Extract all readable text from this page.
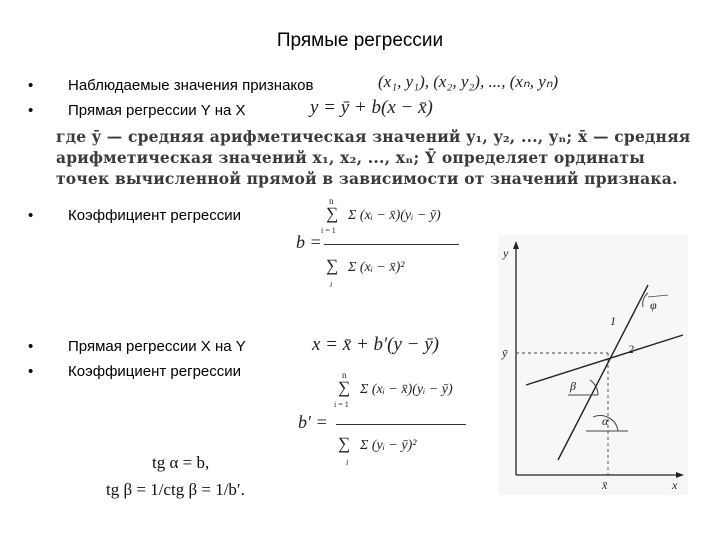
Прямые регрессии
•	Наблюдаемые значения признаков	(x₁, y₁), (x₂, y₂), ..., (xₙ, yₙ)
•	Прямая регрессии Y на X	y = ȳ + b(x − x̄)
где ȳ — средняя арифметическая значений y₁, y₂, ..., yₙ; x̄ — средняя
арифметическая значений x₁, x₂, ..., xₙ; Ȳ определяет ординаты
точек вычисленной прямой в зависимости от значений признака.
•	Коэффициент регрессии
n
∑ Σ (xᵢ − x̄)(yᵢ − ȳ)
b =
i = 1
∑ Σ (xᵢ − x̄)²
i
•	Прямая регрессии X на Y	x = x̄ + b′(y − ȳ)
•	Коэффициент регрессии	n
∑ Σ (xᵢ − x̄)(yᵢ − ȳ)
b′ =
i = 1
∑ Σ (yᵢ − ȳ)²
i
tg α = b,
tg β = 1/ctg β = 1/b′.
y
x
ȳ
x̄
1
2
φ
β
α
